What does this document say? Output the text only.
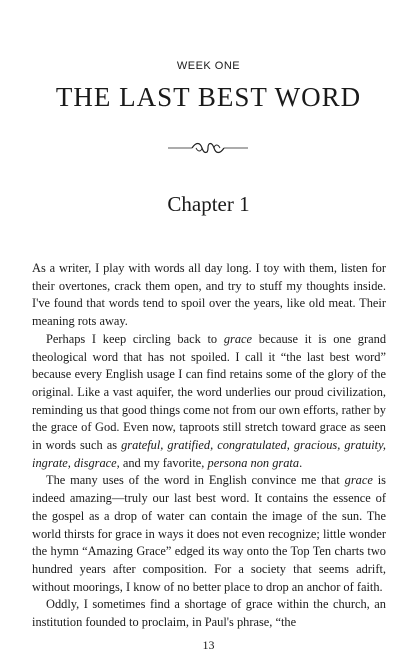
WEEK ONE
THE LAST BEST WORD
Chapter 1

As a writer, I play with words all day long. I toy with them, listen for their overtones, crack them open, and try to stuff my thoughts inside. I've found that words tend to spoil over the years, like old meat. Their meaning rots away.

Perhaps I keep circling back to grace because it is one grand theological word that has not spoiled. I call it “the last best word” because every English usage I can find retains some of the glory of the original. Like a vast aquifer, the word underlies our proud civilization, reminding us that good things come not from our own efforts, rather by the grace of God. Even now, taproots still stretch toward grace as seen in words such as grateful, gratified, congratulated, gracious, gratuity, ingrate, disgrace, and my favorite, persona non grata.

The many uses of the word in English convince me that grace is indeed amazing—truly our last best word. It contains the essence of the gospel as a drop of water can contain the image of the sun. The world thirsts for grace in ways it does not even recognize; little wonder the hymn “Amazing Grace” edged its way onto the Top Ten charts two hundred years after composition. For a society that seems adrift, without moorings, I know of no better place to drop an anchor of faith.

Oddly, I sometimes find a shortage of grace within the church, an institution founded to proclaim, in Paul's phrase, “the

13
